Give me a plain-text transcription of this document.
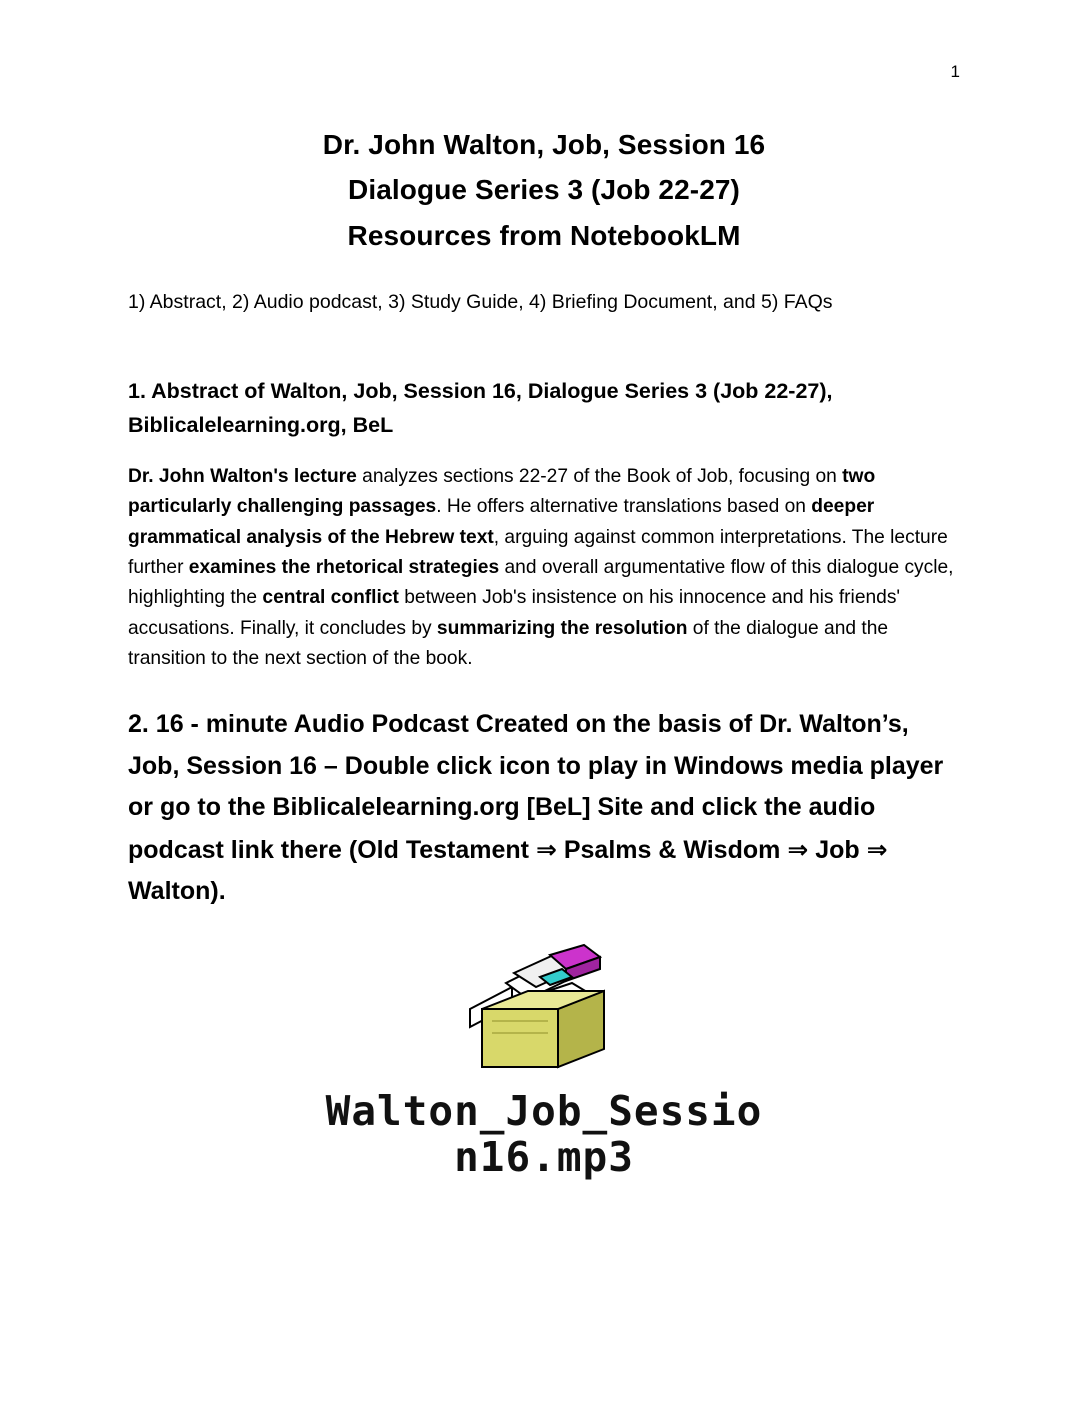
1
Dr. John Walton, Job, Session 16
Dialogue Series 3 (Job 22-27)
Resources from NotebookLM
1) Abstract, 2) Audio podcast, 3) Study Guide, 4) Briefing Document, and 5) FAQs
1. Abstract of Walton, Job, Session 16, Dialogue Series 3 (Job 22-27),
Biblicalelearning.org, BeL
Dr. John Walton's lecture analyzes sections 22-27 of the Book of Job, focusing on two particularly challenging passages. He offers alternative translations based on deeper grammatical analysis of the Hebrew text, arguing against common interpretations. The lecture further examines the rhetorical strategies and overall argumentative flow of this dialogue cycle, highlighting the central conflict between Job's insistence on his innocence and his friends' accusations. Finally, it concludes by summarizing the resolution of the dialogue and the transition to the next section of the book.
2. 16 - minute Audio Podcast Created on the basis of Dr. Walton’s, Job, Session 16 – Double click icon to play in Windows media player or go to the Biblicalelearning.org [BeL] Site and click the audio podcast link there (Old Testament ⇒ Psalms & Wisdom ⇒ Job ⇒ Walton).
Walton_Job_Sessio
n16.mp3
